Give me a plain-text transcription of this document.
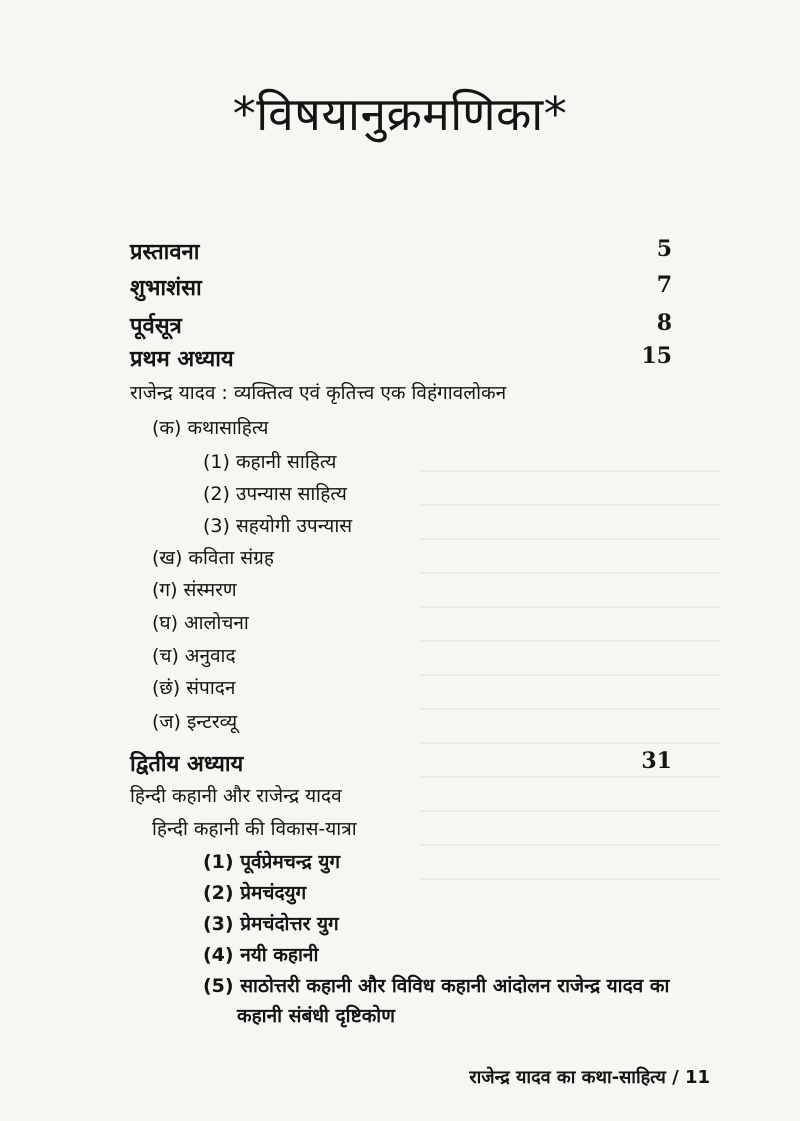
*विषयानुक्रमणिका*
प्रस्तावना	5
शुभाशंसा	7
पूर्वसूत्र	8
प्रथम अध्याय	15
राजेन्द्र यादव : व्यक्तित्व एवं कृतित्त्व एक विहंगावलोकन
(क) कथासाहित्य
(1) कहानी साहित्य
(2) उपन्यास साहित्य
(3) सहयोगी उपन्यास
(ख) कविता संग्रह
(ग) संस्मरण
(घ) आलोचना
(च) अनुवाद
(छं) संपादन
(ज) इन्टरव्यू
द्वितीय अध्याय	31
हिन्दी कहानी और राजेन्द्र यादव
हिन्दी कहानी की विकास-यात्रा
(1) पूर्वप्रेमचन्द्र युग
(2) प्रेमचंदयुग
(3) प्रेमचंदोत्तर युग
(4) नयी कहानी
(5) साठोत्तरी कहानी और विविध कहानी आंदोलन राजेन्द्र यादव का
कहानी संबंधी दृष्टिकोण
राजेन्द्र यादव का कथा-साहित्य / 11
